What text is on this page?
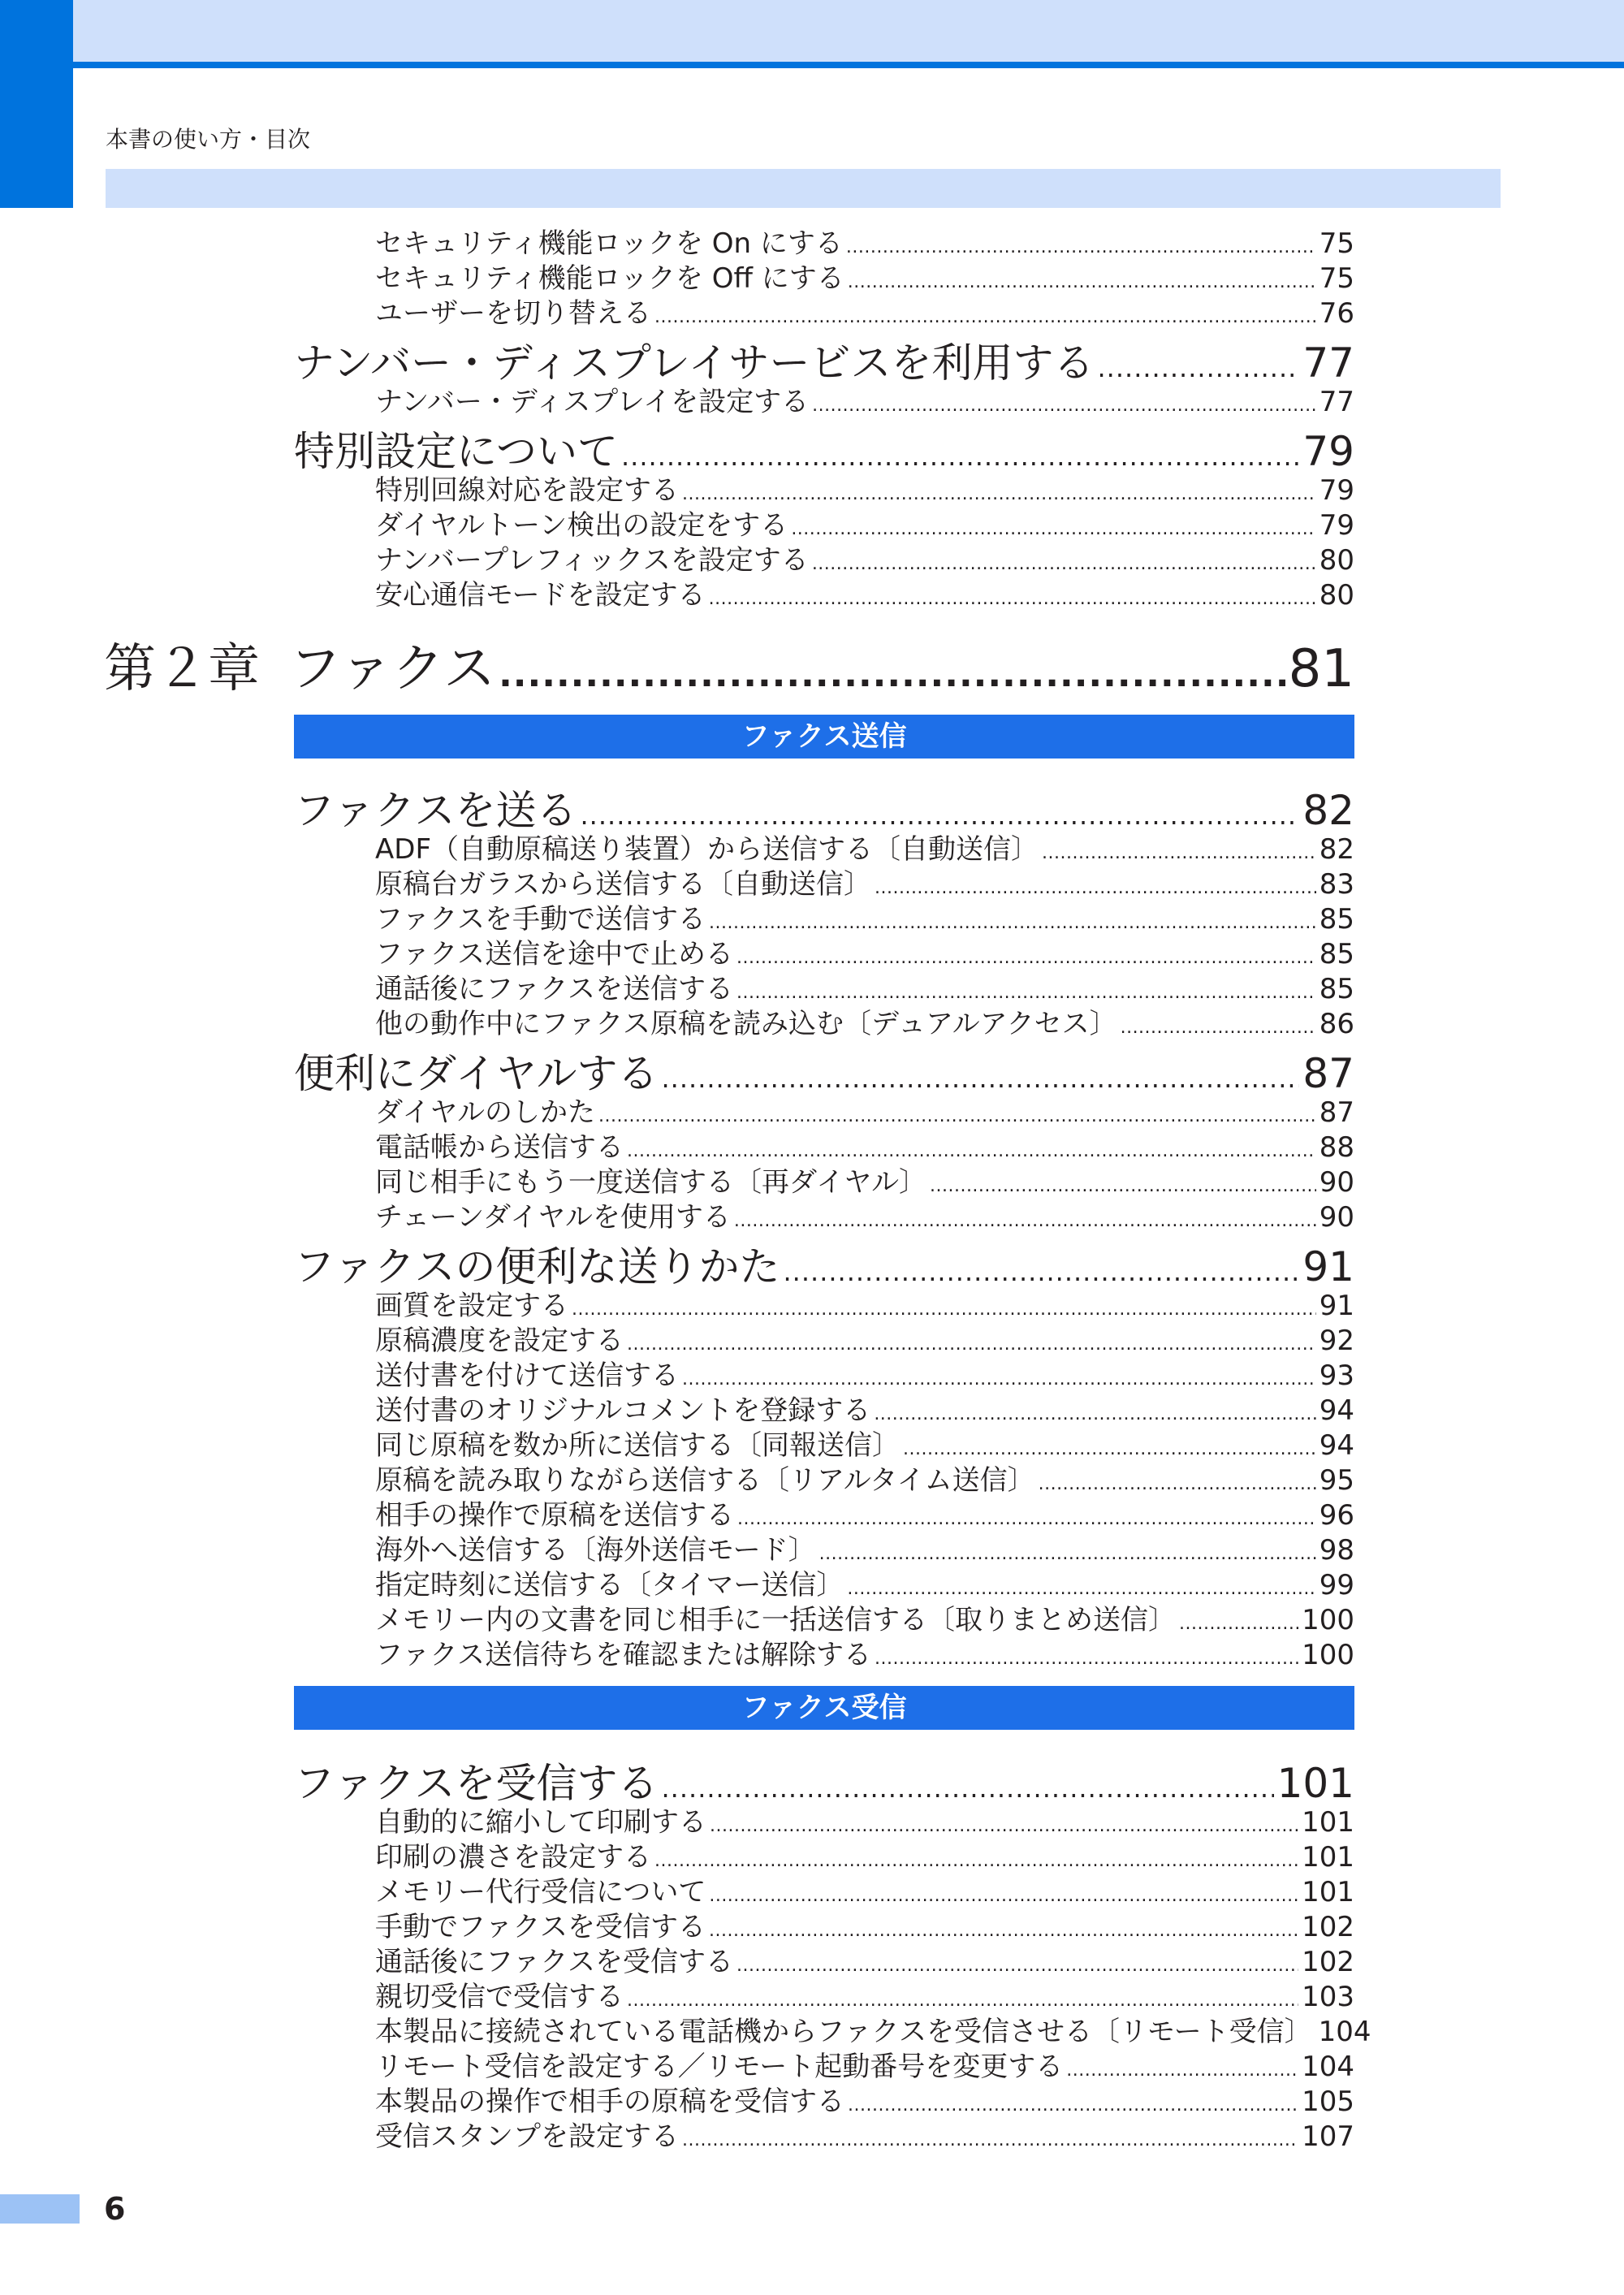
本書の使い方・目次
セキュリティ機能ロックを On にする .....	75
セキュリティ機能ロックを Off にする .....	75
ユーザーを切り替える .....	76
ナンバー・ディスプレイサービスを利用する .....	77
ナンバー・ディスプレイを設定する .....	77
特別設定について .....	79
特別回線対応を設定する .....	79
ダイヤルトーン検出の設定をする .....	79
ナンバープレフィックスを設定する .....	80
安心通信モードを設定する .....	80
第２章 ファクス .....	81
ファクス送信
ファクスを送る .....	82
ADF（自動原稿送り装置）から送信する〔自動送信〕 .....	82
原稿台ガラスから送信する〔自動送信〕 .....	83
ファクスを手動で送信する .....	85
ファクス送信を途中で止める .....	85
通話後にファクスを送信する .....	85
他の動作中にファクス原稿を読み込む〔デュアルアクセス〕 .....	86
便利にダイヤルする .....	87
ダイヤルのしかた .....	87
電話帳から送信する .....	88
同じ相手にもう一度送信する〔再ダイヤル〕 .....	90
チェーンダイヤルを使用する .....	90
ファクスの便利な送りかた .....	91
画質を設定する .....	91
原稿濃度を設定する .....	92
送付書を付けて送信する .....	93
送付書のオリジナルコメントを登録する .....	94
同じ原稿を数か所に送信する〔同報送信〕 .....	94
原稿を読み取りながら送信する〔リアルタイム送信〕 .....	95
相手の操作で原稿を送信する .....	96
海外へ送信する〔海外送信モード〕 .....	98
指定時刻に送信する〔タイマー送信〕 .....	99
メモリー内の文書を同じ相手に一括送信する〔取りまとめ送信〕 .....	100
ファクス送信待ちを確認または解除する .....	100
ファクス受信
ファクスを受信する .....	101
自動的に縮小して印刷する .....	101
印刷の濃さを設定する .....	101
メモリー代行受信について .....	101
手動でファクスを受信する .....	102
通話後にファクスを受信する .....	102
親切受信で受信する .....	103
本製品に接続されている電話機からファクスを受信させる〔リモート受信〕 104
リモート受信を設定する／リモート起動番号を変更する .....	104
本製品の操作で相手の原稿を受信する .....	105
受信スタンプを設定する .....	107
6
